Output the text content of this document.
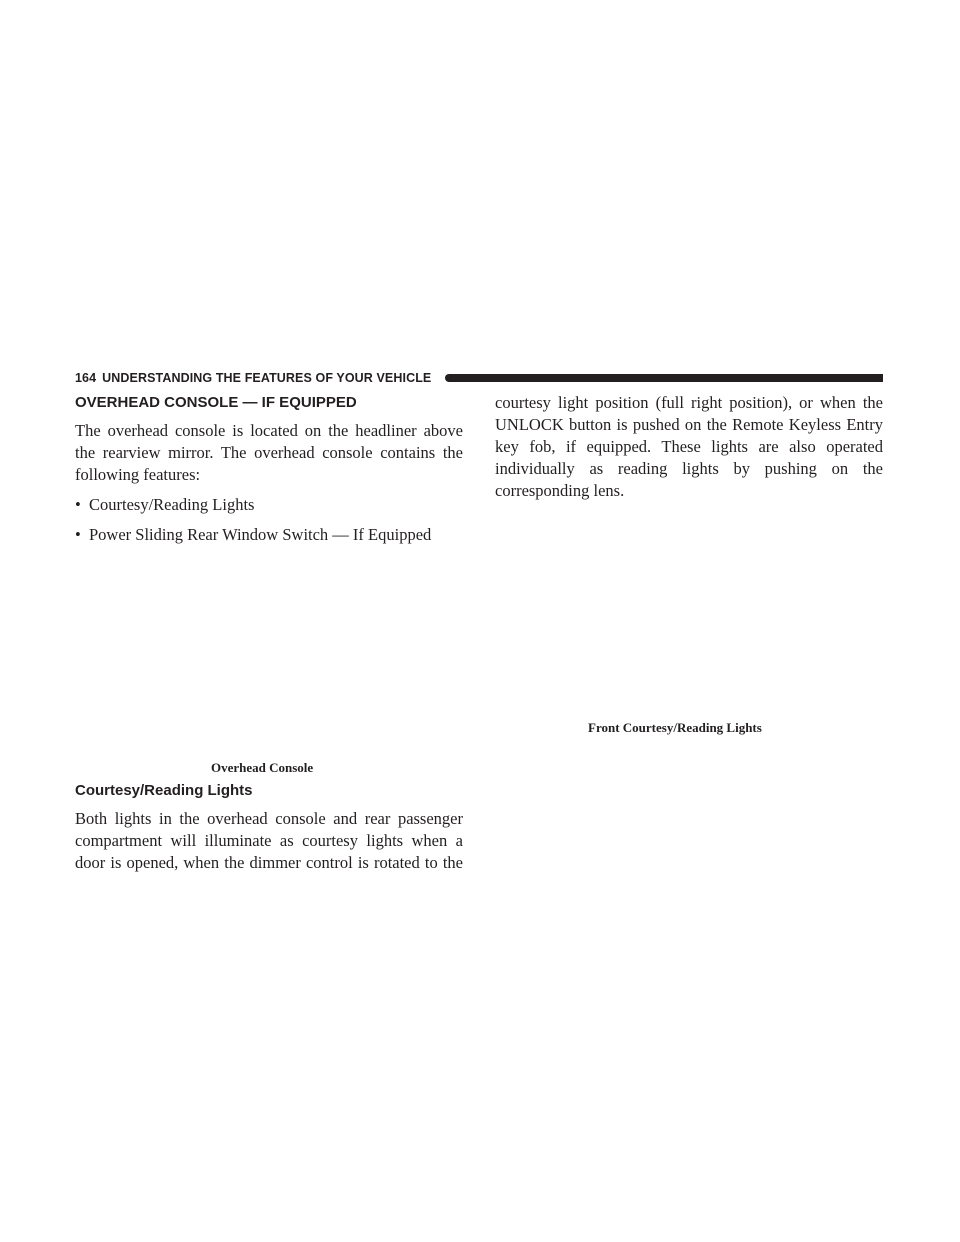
164 UNDERSTANDING THE FEATURES OF YOUR VEHICLE
OVERHEAD CONSOLE — IF EQUIPPED

The overhead console is located on the headliner above the rearview mirror. The overhead console contains the following features:

• Courtesy/Reading Lights
• Power Sliding Rear Window Switch — If Equipped
Overhead Console
Courtesy/Reading Lights

Both lights in the overhead console and rear passenger compartment will illuminate as courtesy lights when a door is opened, when the dimmer control is rotated to the

courtesy light position (full right position), or when the UNLOCK button is pushed on the Remote Keyless Entry key fob, if equipped. These lights are also operated individually as reading lights by pushing on the corresponding lens.

Front Courtesy/Reading Lights
